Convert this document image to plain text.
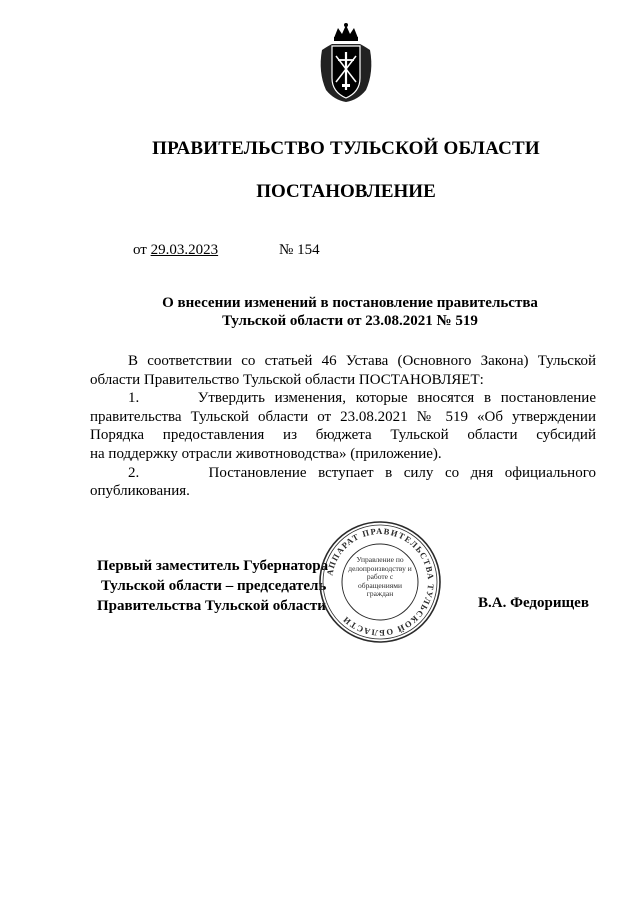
ПРАВИТЕЛЬСТВО ТУЛЬСКОЙ ОБЛАСТИ
ПОСТАНОВЛЕНИЕ
от 29.03.2023	№ 154
О внесении изменений в постановление правительства
Тульской области от 23.08.2021 № 519

В соответствии со статьей 46 Устава (Основного Закона) Тульской

области Правительство Тульской области ПОСТАНОВЛЯЕТ:

1.      Утвердить изменения, которые вносятся в постановление

правительства Тульской области от 23.08.2021 № 519 «Об утверждении

Порядка предоставления из бюджета Тульской области субсидий

на поддержку отрасли животноводства» (приложение).

2.      Постановление вступает в силу со дня официального

опубликования.

Первый заместитель Губернатора
Тульской области – председатель
Правительства Тульской области	В.А. Федорищев
АППАРАТ ПРАВИТЕЛЬСТВА ТУЛЬСКОЙ ОБЛАСТИ
Управление по делопроизводству и работе с обращениями граждан
